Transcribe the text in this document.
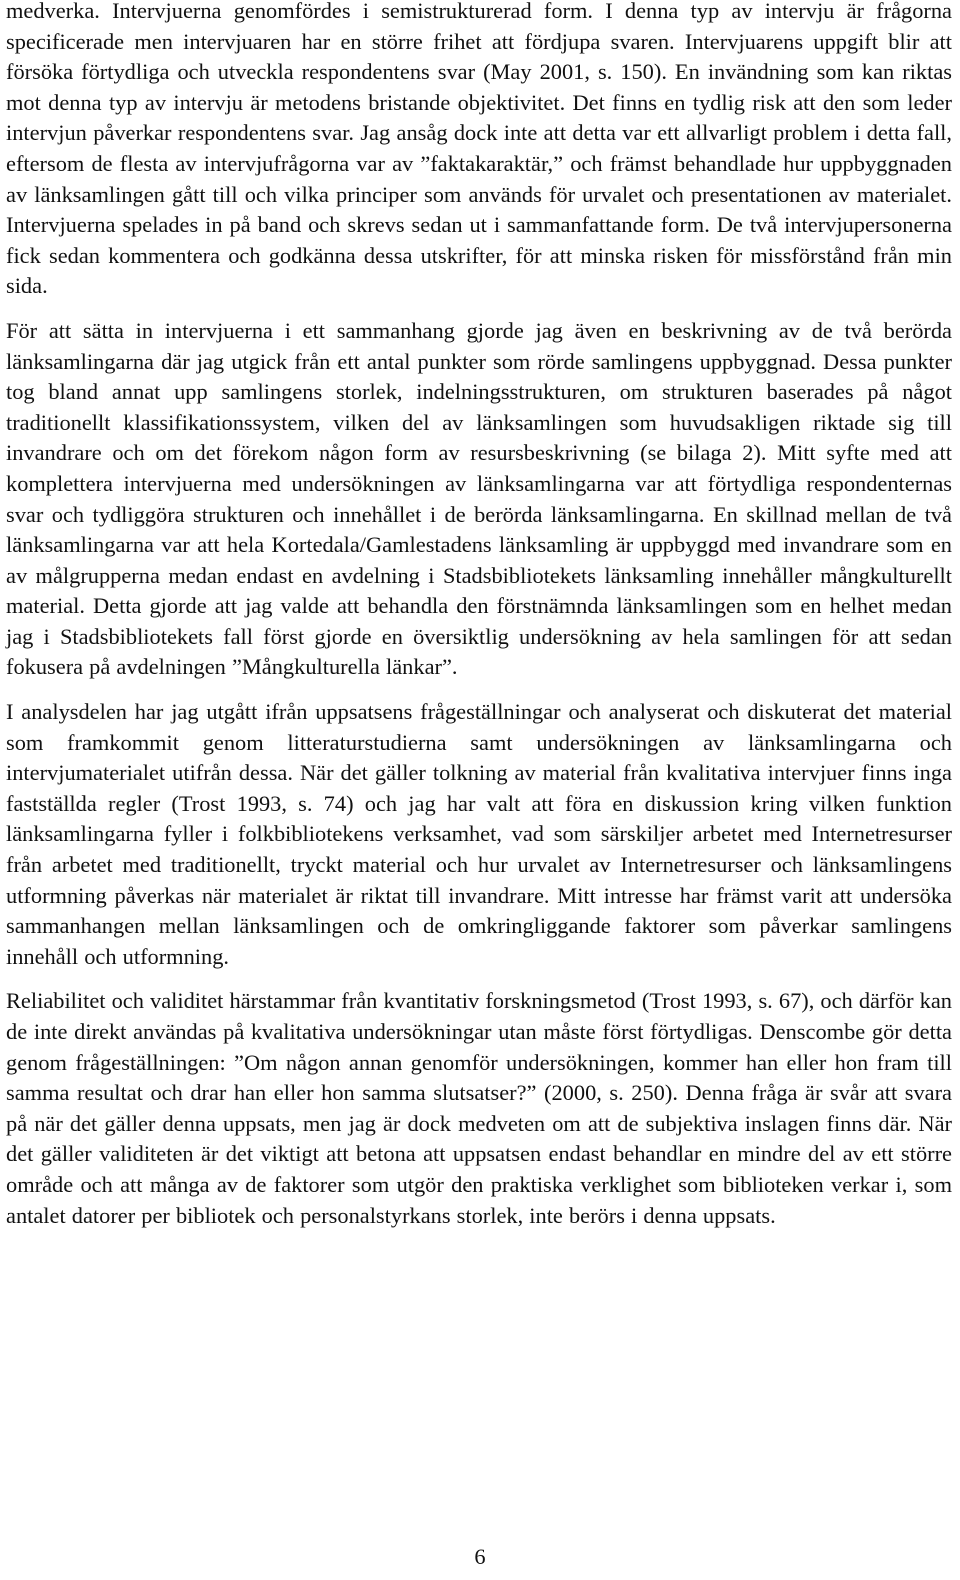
medverka. Intervjuerna genomfördes i semistrukturerad form. I denna typ av intervju är frågorna specificerade men intervjuaren har en större frihet att fördjupa svaren. Intervjuarens uppgift blir att försöka förtydliga och utveckla respondentens svar (May 2001, s. 150). En invändning som kan riktas mot denna typ av intervju är metodens bristande objektivitet. Det finns en tydlig risk att den som leder intervjun påverkar respondentens svar. Jag ansåg dock inte att detta var ett allvarligt problem i detta fall, eftersom de flesta av intervjufrågorna var av ”faktakaraktär,” och främst behandlade hur uppbyggnaden av länksamlingen gått till och vilka principer som används för urvalet och presentationen av materialet. Intervjuerna spelades in på band och skrevs sedan ut i sammanfattande form. De två intervjupersonerna fick sedan kommentera och godkänna dessa utskrifter, för att minska risken för missförstånd från min sida.

För att sätta in intervjuerna i ett sammanhang gjorde jag även en beskrivning av de två berörda länksamlingarna där jag utgick från ett antal punkter som rörde samlingens uppbyggnad. Dessa punkter tog bland annat upp samlingens storlek, indelningsstrukturen, om strukturen baserades på något traditionellt klassifikationssystem, vilken del av länksamlingen som huvudsakligen riktade sig till invandrare och om det förekom någon form av resursbeskrivning (se bilaga 2). Mitt syfte med att komplettera intervjuerna med undersökningen av länksamlingarna var att förtydliga respondenternas svar och tydliggöra strukturen och innehållet i de berörda länksamlingarna. En skillnad mellan de två länksamlingarna var att hela Kortedala/Gamlestadens länksamling är uppbyggd med invandrare som en av målgrupperna medan endast en avdelning i Stadsbibliotekets länksamling innehåller mångkulturellt material. Detta gjorde att jag valde att behandla den förstnämnda länksamlingen som en helhet medan jag i Stadsbibliotekets fall först gjorde en översiktlig undersökning av hela samlingen för att sedan fokusera på avdelningen ”Mångkulturella länkar”.

I analysdelen har jag utgått ifrån uppsatsens frågeställningar och analyserat och diskuterat det material som framkommit genom litteraturstudierna samt undersökningen av länksamlingarna och intervjumaterialet utifrån dessa. När det gäller tolkning av material från kvalitativa intervjuer finns inga fastställda regler (Trost 1993, s. 74) och jag har valt att föra en diskussion kring vilken funktion länksamlingarna fyller i folkbibliotekens verksamhet, vad som särskiljer arbetet med Internetresurser från arbetet med traditionellt, tryckt material och hur urvalet av Internetresurser och länksamlingens utformning påverkas när materialet är riktat till invandrare. Mitt intresse har främst varit att undersöka sammanhangen mellan länksamlingen och de omkringliggande faktorer som påverkar samlingens innehåll och utformning.

Reliabilitet och validitet härstammar från kvantitativ forskningsmetod (Trost 1993, s. 67), och därför kan de inte direkt användas på kvalitativa undersökningar utan måste först förtydligas. Denscombe gör detta genom frågeställningen: ”Om någon annan genomför undersökningen, kommer han eller hon fram till samma resultat och drar han eller hon samma slutsatser?” (2000, s. 250). Denna fråga är svår att svara på när det gäller denna uppsats, men jag är dock medveten om att de subjektiva inslagen finns där. När det gäller validiteten är det viktigt att betona att uppsatsen endast behandlar en mindre del av ett större område och att många av de faktorer som utgör den praktiska verklighet som biblioteken verkar i, som antalet datorer per bibliotek och personalstyrkans storlek, inte berörs i denna uppsats.

6
